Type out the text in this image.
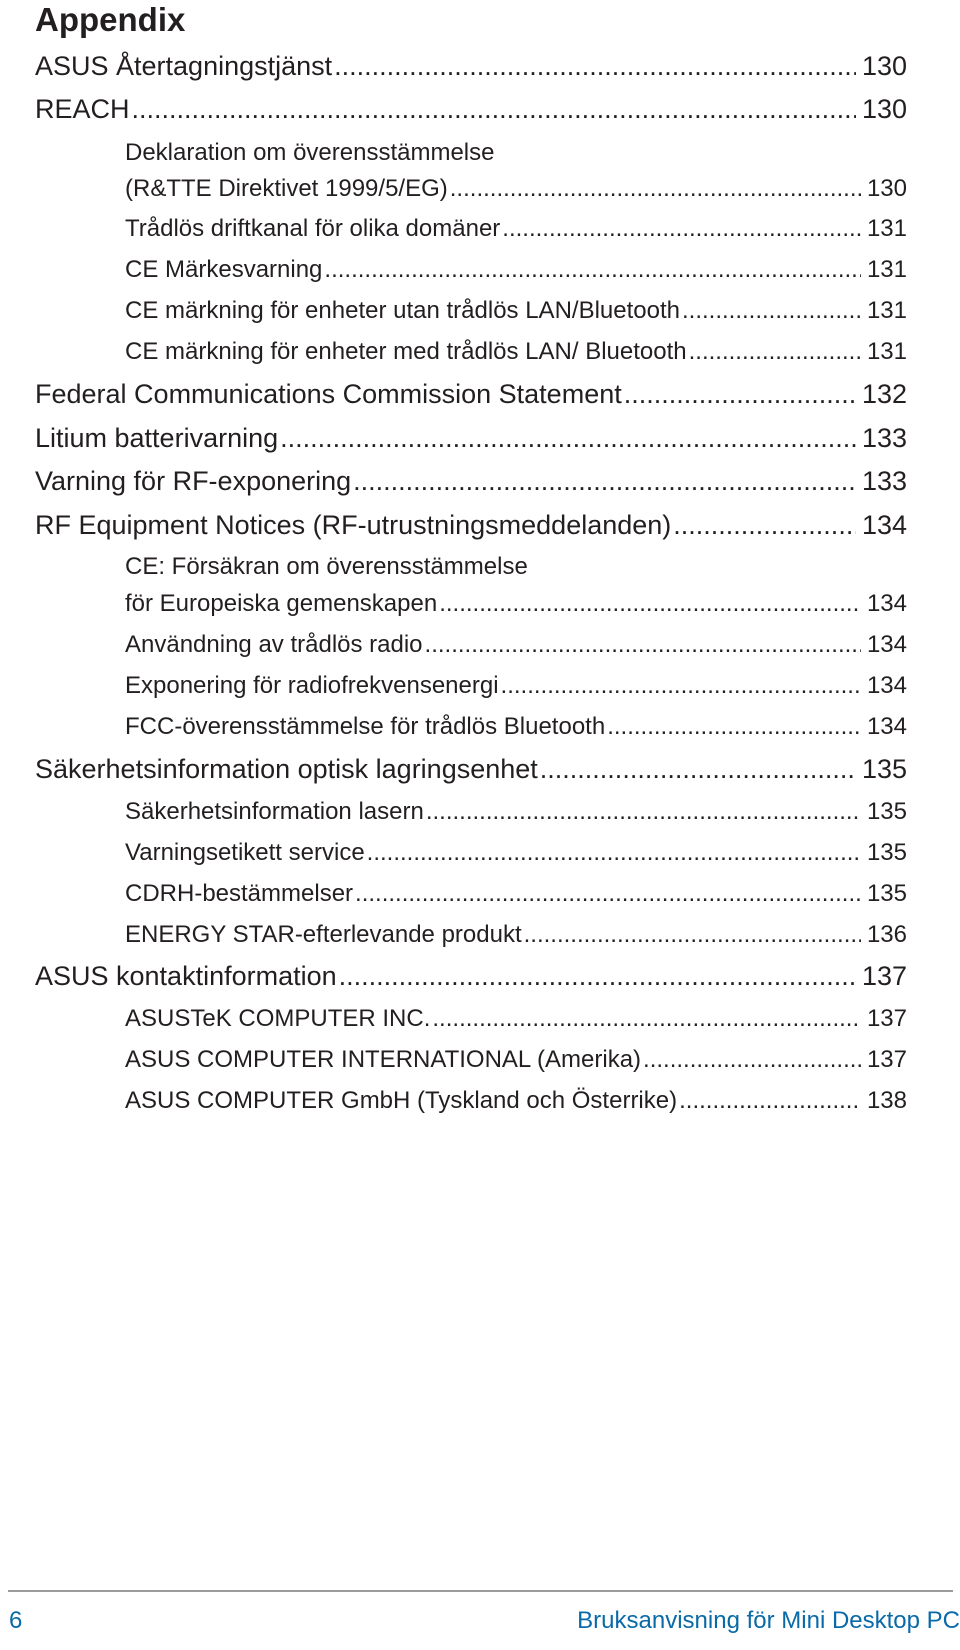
Appendix
ASUS Återtagningstjänst .....	130
REACH .....	130
Deklaration om överensstämmelse
(R&TTE Direktivet 1999/5/EG) .....	130
Trådlös driftkanal för olika domäner .....	131
CE Märkesvarning .....	131
CE märkning för enheter utan trådlös LAN/Bluetooth .....	131
CE märkning för enheter med trådlös LAN/ Bluetooth .....	131
Federal Communications Commission Statement .....	132
Litium batterivarning .....	133
Varning för RF-exponering .....	133
RF Equipment Notices (RF-utrustningsmeddelanden) .....	134
CE: Försäkran om överensstämmelse
för Europeiska gemenskapen .....	134
Användning av trådlös radio .....	134
Exponering för radiofrekvensenergi .....	134
FCC-överensstämmelse för trådlös Bluetooth .....	134
Säkerhetsinformation optisk lagringsenhet .....	135
Säkerhetsinformation lasern .....	135
Varningsetikett service .....	135
CDRH-bestämmelser .....	135
ENERGY STAR-efterlevande produkt .....	136
ASUS kontaktinformation .....	137
ASUSTeK COMPUTER INC. .....	137
ASUS COMPUTER INTERNATIONAL (Amerika) .....	137
ASUS COMPUTER GmbH (Tyskland och Österrike) .....	138
6	Bruksanvisning för Mini Desktop PC
